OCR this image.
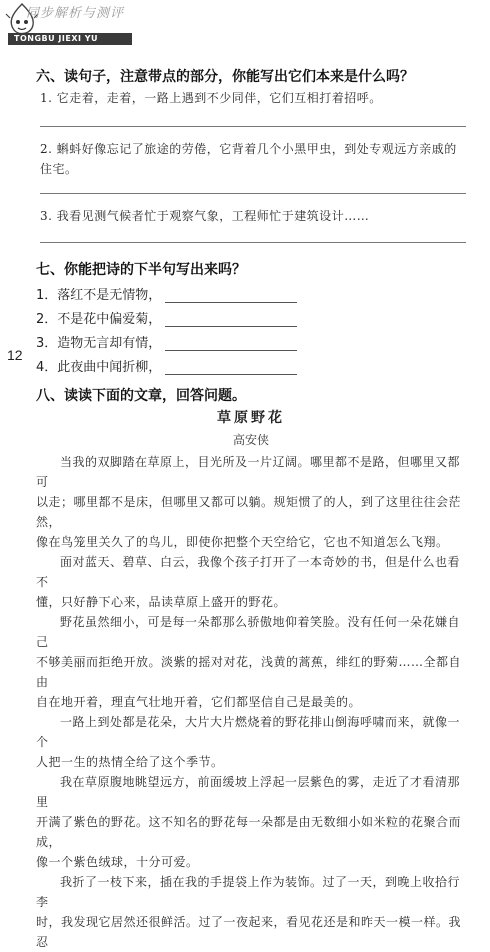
同步解析与测评
TONGBU JIEXI YU CEPING
12
六、读句子，注意带点的部分，你能写出它们本来是什么吗？
1. 它走着，走着，一路上遇到不少同伴，它们互相打着招呼。
2. 蝌蚪好像忘记了旅途的劳倦，它背着几个小黑甲虫，到处专观远方亲戚的
住宅。
3. 我看见测气候者忙于观察气象，工程师忙于建筑设计……
七、你能把诗的下半句写出来吗？
1．落红不是无情物，
2．不是花中偏爱菊，
3．造物无言却有情，
4．此夜曲中闻折柳，
八、读读下面的文章，回答问题。
草原野花
高安侠
当我的双脚踏在草原上，目光所及一片辽阔。哪里都不是路，但哪里又都可
以走；哪里都不是床，但哪里又都可以躺。规矩惯了的人，到了这里往往会茫然，
像在鸟笼里关久了的鸟儿，即使你把整个天空给它，它也不知道怎么飞翔。
面对蓝天、碧草、白云，我像个孩子打开了一本奇妙的书，但是什么也看不
懂，只好静下心来，品读草原上盛开的野花。
野花虽然细小，可是每一朵都那么骄傲地仰着笑脸。没有任何一朵花嫌自己
不够美丽而拒绝开放。淡紫的摇对对花，浅黄的蒿蕉，绯红的野菊……全都自由
自在地开着，理直气壮地开着，它们都坚信自己是最美的。
一路上到处都是花朵，大片大片燃烧着的野花排山倒海呼啸而来，就像一个
人把一生的热情全给了这个季节。
我在草原腹地眺望远方，前面缓坡上浮起一层紫色的雾，走近了才看清那里
开满了紫色的野花。这不知名的野花每一朵都是由无数细小如米粒的花聚合而成，
像一个紫色绒球，十分可爱。
我折了一枝下来，插在我的手提袋上作为装饰。过了一天，到晚上收拾行李
时，我发现它居然还很鲜活。过了一夜起来，看见花还是和昨天一模一样。我忍
